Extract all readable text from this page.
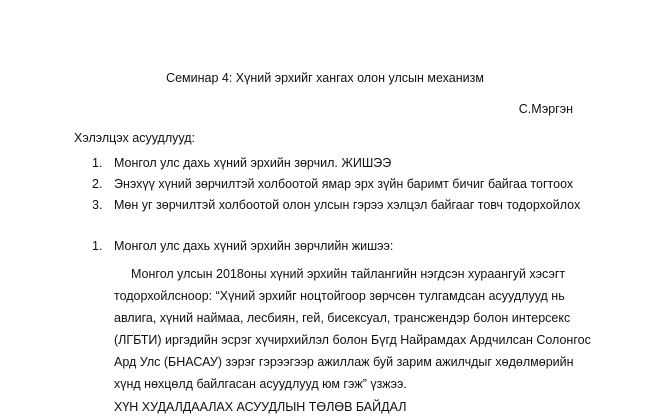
Семинар 4: Хүний эрхийг хангах олон улсын механизм
С.Мэргэн
Хэлэлцэх асуудлууд:
1. Монгол улс дахь хүний эрхийн зөрчил. ЖИШЭЭ
2. Энэхүү хүний зөрчилтэй холбоотой ямар эрх зүйн баримт бичиг байгаа тогтоох
3. Мөн уг зөрчилтэй холбоотой олон улсын гэрээ хэлцэл байгааг товч тодорхойлох
1. Монгол улс дахь хүний эрхийн зөрчлийн жишээ:
Монгол улсын 2018оны хүний эрхийн тайлангийн нэгдсэн хураангуй хэсэгт
тодорхойлсноор: “Хүний эрхийг ноцтойгоор зөрчсөн тулгамдсан асуудлууд нь
авлига, хүний наймаа, лесбиян, гей, бисексуал, трансжендэр болон интерсекс
(ЛГБТИ) иргэдийн эсрэг хүчирхийлэл болон Бүгд Найрамдах Ардчилсан Солонгос
Ард Улс (БНАСАУ) зэрэг гэрээгээр ажиллаж буй зарим ажилчдыг хөдөлмөрийн
хүнд нөхцөлд байлгасан асуудлууд юм гэж” үзжээ.
ХҮН ХУДАЛДААЛАХ АСУУДЛЫН ТӨЛӨВ БАЙДАЛ
